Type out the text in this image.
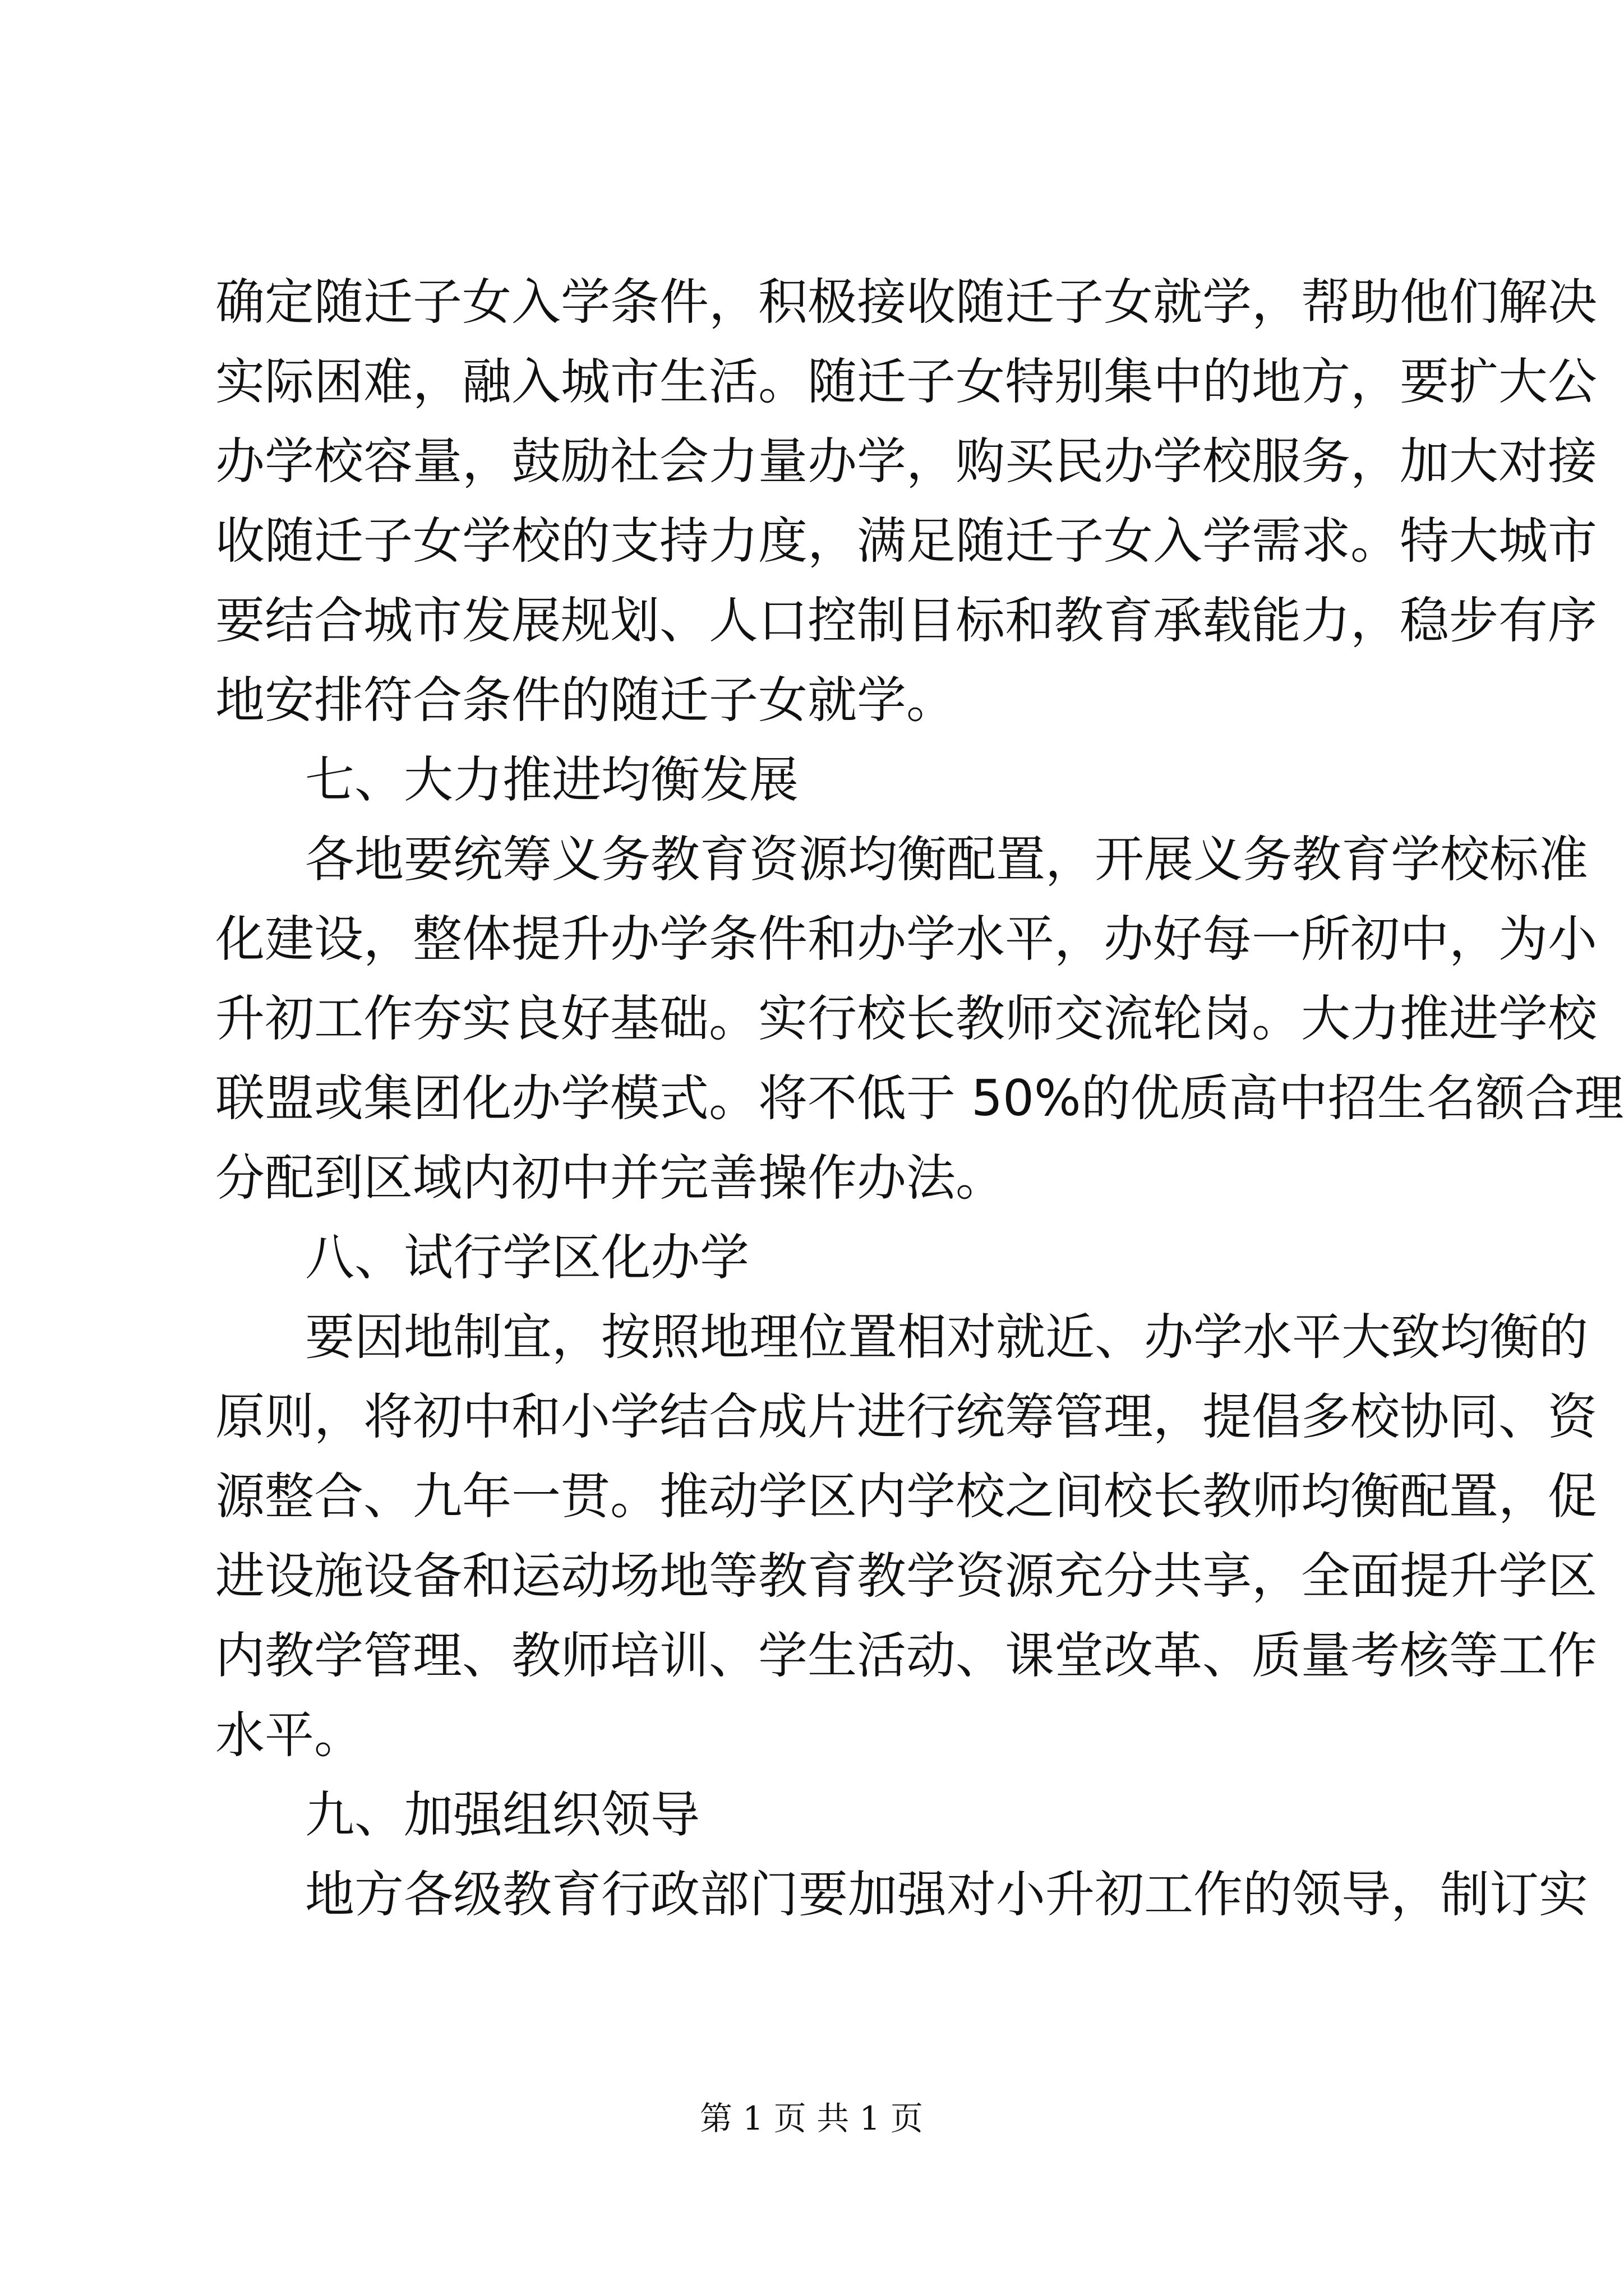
确定随迁子女入学条件，积极接收随迁子女就学，帮助他们解决
实际困难，融入城市生活。随迁子女特别集中的地方，要扩大公
办学校容量，鼓励社会力量办学，购买民办学校服务，加大对接
收随迁子女学校的支持力度，满足随迁子女入学需求。特大城市
要结合城市发展规划、人口控制目标和教育承载能力，稳步有序
地安排符合条件的随迁子女就学。
七、大力推进均衡发展
各地要统筹义务教育资源均衡配置，开展义务教育学校标准
化建设，整体提升办学条件和办学水平，办好每一所初中，为小
升初工作夯实良好基础。实行校长教师交流轮岗。大力推进学校
联盟或集团化办学模式。将不低于 50%的优质高中招生名额合理
分配到区域内初中并完善操作办法。
八、试行学区化办学
要因地制宜，按照地理位置相对就近、办学水平大致均衡的
原则，将初中和小学结合成片进行统筹管理，提倡多校协同、资
源整合、九年一贯。推动学区内学校之间校长教师均衡配置，促
进设施设备和运动场地等教育教学资源充分共享，全面提升学区
内教学管理、教师培训、学生活动、课堂改革、质量考核等工作
水平。
九、加强组织领导
地方各级教育行政部门要加强对小升初工作的领导，制订实
第 1 页 共 1 页
